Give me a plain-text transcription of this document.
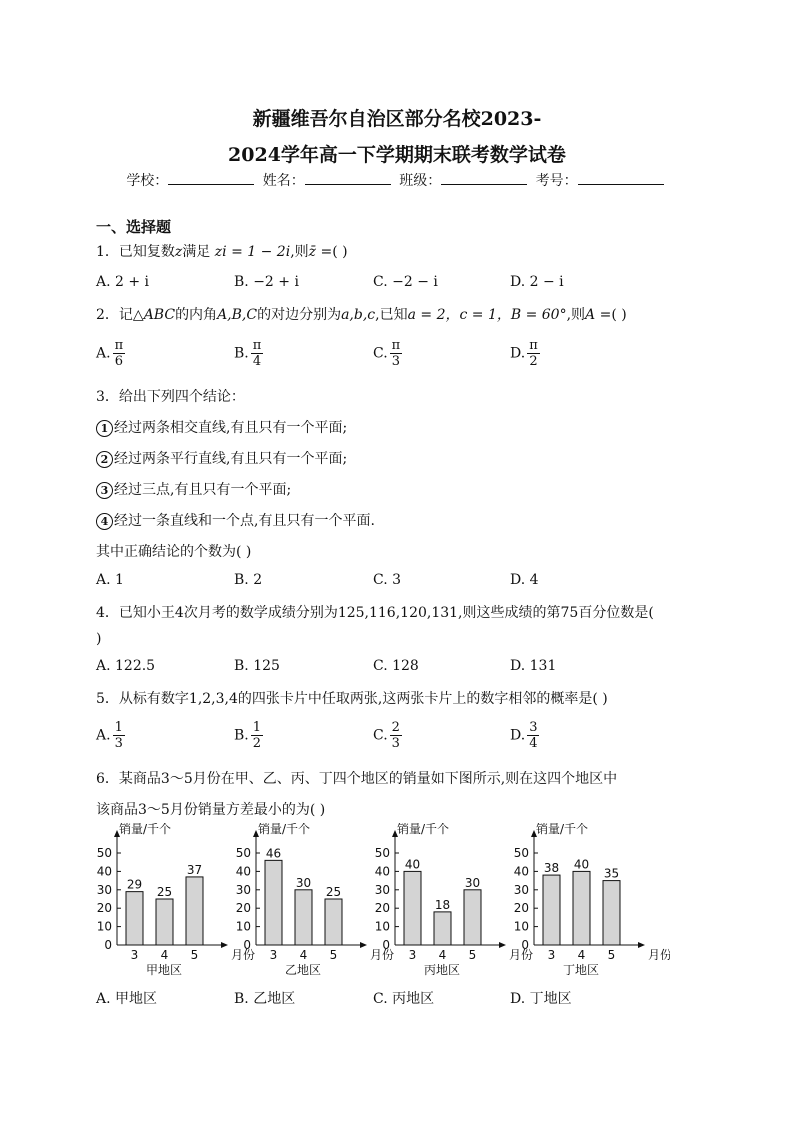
新疆维吾尔自治区部分名校2023-
2024学年高一下学期期末联考数学试卷
学校：	姓名：	班级：	考号：
一、选择题
1．已知复数z满足 zi = 1 − 2i,则z̄ =( )
A. 2 + i	B. −2 + i	C. −2 − i	D. 2 − i
2．记△ABC的内角A,B,C的对边分别为a,b,c,已知a = 2，c = 1，B = 60°,则A =( )
A. $\frac{\pi}{6}$	B. $\frac{\pi}{4}$	C. $\frac{\pi}{3}$	D. $\frac{\pi}{2}$
3．给出下列四个结论：
1 经过两条相交直线,有且只有一个平面;
2 经过两条平行直线,有且只有一个平面;
3 经过三点,有且只有一个平面;
4 经过一条直线和一个点,有且只有一个平面.
其中正确结论的个数为( )
A. 1	B. 2	C. 3	D. 4
4．已知小王4次月考的数学成绩分别为125,116,120,131,则这些成绩的第75百分位数是(
)
A. 122.5	B. 125	C. 128	D. 131
5．从标有数字1,2,3,4的四张卡片中任取两张,这两张卡片上的数字相邻的概率是( )
A. $\frac{1}{3}$	B. $\frac{1}{2}$	C. $\frac{2}{3}$	D. $\frac{3}{4}$
6．某商品3～5月份在甲、乙、丙、丁四个地区的销量如下图所示,则在这四个地区中
该商品3～5月份销量方差最小的为( )
销量/千个
0
10
20
30
40
50
29
3
25
4
37
5	月份
甲地区
销量/千个
0
10
20
30
40
50 46
3
30
4
25
5	月份
乙地区
销量/千个
0
10
20
30
40
50
40
3
18
4
30
5	月份
丙地区
销量/千个
0
10
20
30
40
50
38
3
40
4
35
5	月份
丁地区
A. 甲地区	B. 乙地区	C. 丙地区	D. 丁地区
